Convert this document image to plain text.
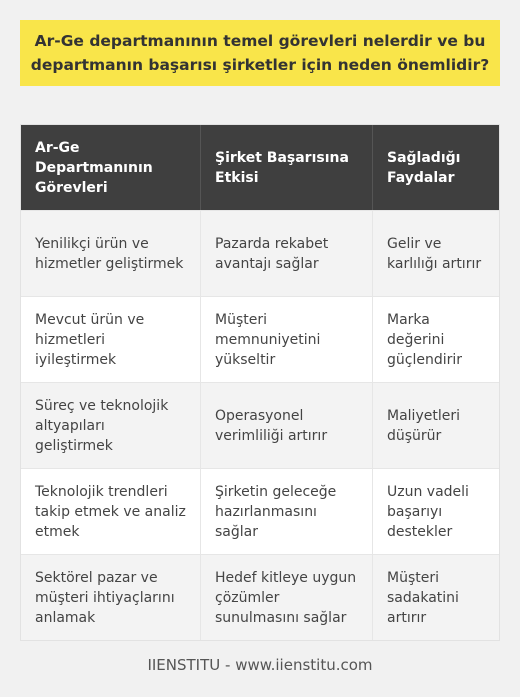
Ar-Ge departmanının temel görevleri nelerdir ve bu departmanın başarısı şirketler için neden önemlidir?
Ar-Ge Departmanının Görevleri
Şirket Başarısına Etkisi
Sağladığı Faydalar
Yenilikçi ürün ve hizmetler geliştirmek
Pazarda rekabet avantajı sağlar
Gelir ve karlılığı artırır
Mevcut ürün ve hizmetleri iyileştirmek
Müşteri memnuniyetini yükseltir
Marka değerini güçlendirir
Süreç ve teknolojik altyapıları geliştirmek
Operasyonel verimliliği artırır
Maliyetleri düşürür
Teknolojik trendleri takip etmek ve analiz etmek
Şirketin geleceğe hazırlanmasını sağlar
Uzun vadeli başarıyı destekler
Sektörel pazar ve müşteri ihtiyaçlarını anlamak
Hedef kitleye uygun çözümler sunulmasını sağlar
Müşteri sadakatini artırır
IIENSTITU - www.iienstitu.com
